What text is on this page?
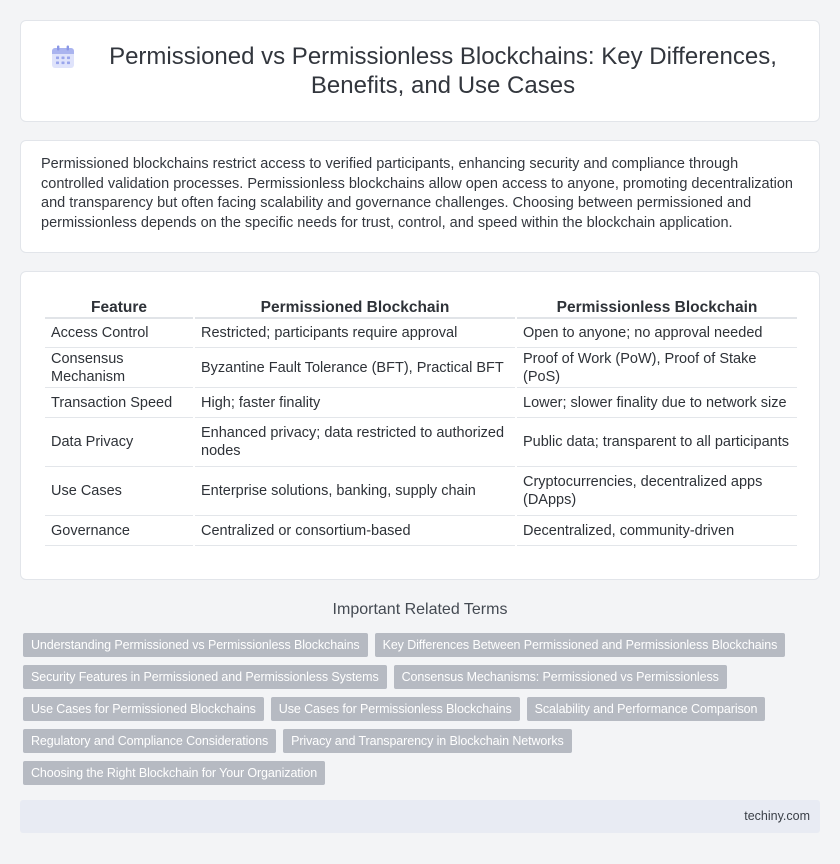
Permissioned vs Permissionless Blockchains: Key Differences, Benefits, and Use Cases

Permissioned blockchains restrict access to verified participants, enhancing security and compliance through controlled validation processes. Permissionless blockchains allow open access to anyone, promoting decentralization and transparency but often facing scalability and governance challenges. Choosing between permissioned and permissionless depends on the specific needs for trust, control, and speed within the blockchain application.

Feature	Permissioned Blockchain	Permissionless Blockchain
Access Control	Restricted; participants require approval	Open to anyone; no approval needed
Consensus Mechanism	Byzantine Fault Tolerance (BFT), Practical BFT	Proof of Work (PoW), Proof of Stake (PoS)
Transaction Speed	High; faster finality	Lower; slower finality due to network size
Data Privacy	Enhanced privacy; data restricted to authorized nodes	Public data; transparent to all participants
Use Cases	Enterprise solutions, banking, supply chain	Cryptocurrencies, decentralized apps (DApps)
Governance	Centralized or consortium-based	Decentralized, community-driven
Important Related Terms
Understanding Permissioned vs Permissionless Blockchains	Key Differences Between Permissioned and Permissionless Blockchains
Security Features in Permissioned and Permissionless Systems	Consensus Mechanisms: Permissioned vs Permissionless
Use Cases for Permissioned Blockchains	Use Cases for Permissionless Blockchains	Scalability and Performance Comparison
Regulatory and Compliance Considerations	Privacy and Transparency in Blockchain Networks
Choosing the Right Blockchain for Your Organization
techiny.com
